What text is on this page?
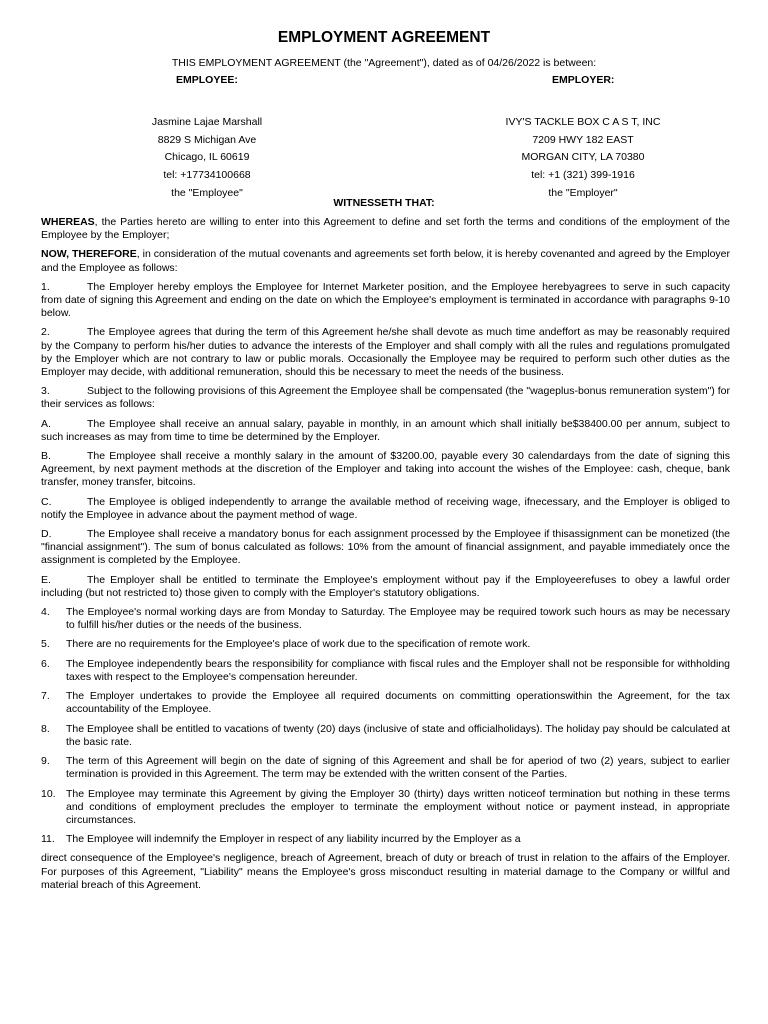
EMPLOYMENT AGREEMENT
THIS EMPLOYMENT AGREEMENT (the "Agreement"), dated as of 04/26/2022 is between:
EMPLOYEE:
Jasmine Lajae Marshall
8829 S Michigan Ave
Chicago, IL 60619
tel: +17734100668
the "Employee"
EMPLOYER:
IVY'S TACKLE BOX C A S T, INC
7209 HWY 182 EAST
MORGAN CITY, LA 70380
tel: +1 (321) 399-1916
the "Employer"
WITNESSETH THAT:

WHEREAS, the Parties hereto are willing to enter into this Agreement to define and set forth the terms and conditions of the employment of the Employee by the Employer;

NOW, THEREFORE, in consideration of the mutual covenants and agreements set forth below, it is hereby covenanted and agreed by the Employer and the Employee as follows:

1.	The Employer hereby employs the Employee for Internet Marketer position, and the Employee herebyagrees to serve in such capacity from date of signing this Agreement and ending on the date on which the Employee's employment is terminated in accordance with paragraphs 9-10 below.

2.	The Employee agrees that during the term of this Agreement he/she shall devote as much time andeffort as may be reasonably required by the Company to perform his/her duties to advance the interests of the Employer and shall comply with all the rules and regulations promulgated by the Employer which are not contrary to law or public morals. Occasionally the Employee may be required to perform such other duties as the Employer may decide, with additional remuneration, should this be necessary to meet the needs of the business.

3.	Subject to the following provisions of this Agreement the Employee shall be compensated (the "wageplus-bonus remuneration system") for their services as follows:

A.	The Employee shall receive an annual salary, payable in monthly, in an amount which shall initially be$38400.00 per annum, subject to such increases as may from time to time be determined by the Employer.

B.	The Employee shall receive a monthly salary in the amount of $3200.00, payable every 30 calendardays from the date of signing this Agreement, by next payment methods at the discretion of the Employer and taking into account the wishes of the Employee: cash, cheque, bank transfer, money transfer, bitcoins.

C.	The Employee is obliged independently to arrange the available method of receiving wage, ifnecessary, and the Employer is obliged to notify the Employee in advance about the payment method of wage.

D.	The Employee shall receive a mandatory bonus for each assignment processed by the Employee if thisassignment can be monetized (the "financial assignment"). The sum of bonus calculated as follows: 10% from the amount of financial assignment, and payable immediately once the assignment is completed by the Employee.

E.	The Employer shall be entitled to terminate the Employee's employment without pay if the Employeerefuses to obey a lawful order including (but not restricted to) those given to comply with the Employer's statutory obligations.

4. The Employee's normal working days are from Monday to Saturday. The Employee may be required towork such hours as may be necessary to fulfill his/her duties or the needs of the business.
5. There are no requirements for the Employee's place of work due to the specification of remote work.
6. The Employee independently bears the responsibility for compliance with fiscal rules and the Employer shall not be responsible for withholding taxes with respect to the Employee's compensation hereunder.
7. The Employer undertakes to provide the Employee all required documents on committing operationswithin the Agreement, for the tax accountability of the Employee.
8. The Employee shall be entitled to vacations of twenty (20) days (inclusive of state and officialholidays). The holiday pay should be calculated at the basic rate.
9. The term of this Agreement will begin on the date of signing of this Agreement and shall be for aperiod of two (2) years, subject to earlier termination is provided in this Agreement. The term may be extended with the written consent of the Parties.
10. The Employee may terminate this Agreement by giving the Employer 30 (thirty) days written noticeof termination but nothing in these terms and conditions of employment precludes the employer to terminate the employment without notice or payment instead, in appropriate circumstances.
11. The Employee will indemnify the Employer in respect of any liability incurred by the Employer as a

direct consequence of the Employee's negligence, breach of Agreement, breach of duty or breach of trust in relation to the affairs of the Employer. For purposes of this Agreement, "Liability" means the Employee's gross misconduct resulting in material damage to the Company or willful and material breach of this Agreement.
